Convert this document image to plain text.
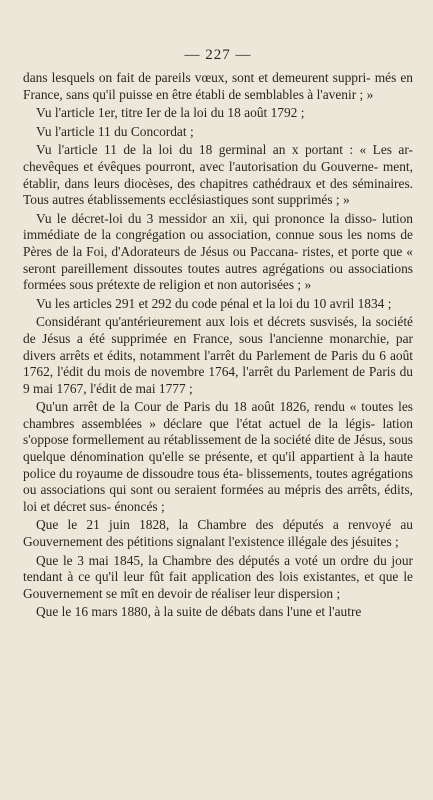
— 227 —

dans lesquels on fait de pareils vœux, sont et demeurent suppri- més en France, sans qu'il puisse en être établi de semblables à l'avenir ; »

Vu l'article 1er, titre Ier de la loi du 18 août 1792 ;

Vu l'article 11 du Concordat ;

Vu l'article 11 de la loi du 18 germinal an x portant : « Les ar- chevêques et évêques pourront, avec l'autorisation du Gouverne- ment, établir, dans leurs diocèses, des chapitres cathédraux et des séminaires. Tous autres établissements ecclésiastiques sont supprimés ; »

Vu le décret-loi du 3 messidor an xii, qui prononce la disso- lution immédiate de la congrégation ou association, connue sous les noms de Pères de la Foi, d'Adorateurs de Jésus ou Paccana- ristes, et porte que « seront pareillement dissoutes toutes autres agrégations ou associations formées sous prétexte de religion et non autorisées ; »

Vu les articles 291 et 292 du code pénal et la loi du 10 avril 1834 ;

Considérant qu'antérieurement aux lois et décrets susvisés, la société de Jésus a été supprimée en France, sous l'ancienne monarchie, par divers arrêts et édits, notamment l'arrêt du Parlement de Paris du 6 août 1762, l'édit du mois de novembre 1764, l'arrêt du Parlement de Paris du 9 mai 1767, l'édit de mai 1777 ;

Qu'un arrêt de la Cour de Paris du 18 août 1826, rendu « toutes les chambres assemblées » déclare que l'état actuel de la légis- lation s'oppose formellement au rétablissement de la société dite de Jésus, sous quelque dénomination qu'elle se présente, et qu'il appartient à la haute police du royaume de dissoudre tous éta- blissements, toutes agrégations ou associations qui sont ou seraient formées au mépris des arrêts, édits, loi et décret sus- énoncés ;

Que le 21 juin 1828, la Chambre des députés a renvoyé au Gouvernement des pétitions signalant l'existence illégale des jésuites ;

Que le 3 mai 1845, la Chambre des députés a voté un ordre du jour tendant à ce qu'il leur fût fait application des lois existantes, et que le Gouvernement se mît en devoir de réaliser leur dispersion ;

Que le 16 mars 1880, à la suite de débats dans l'une et l'autre
